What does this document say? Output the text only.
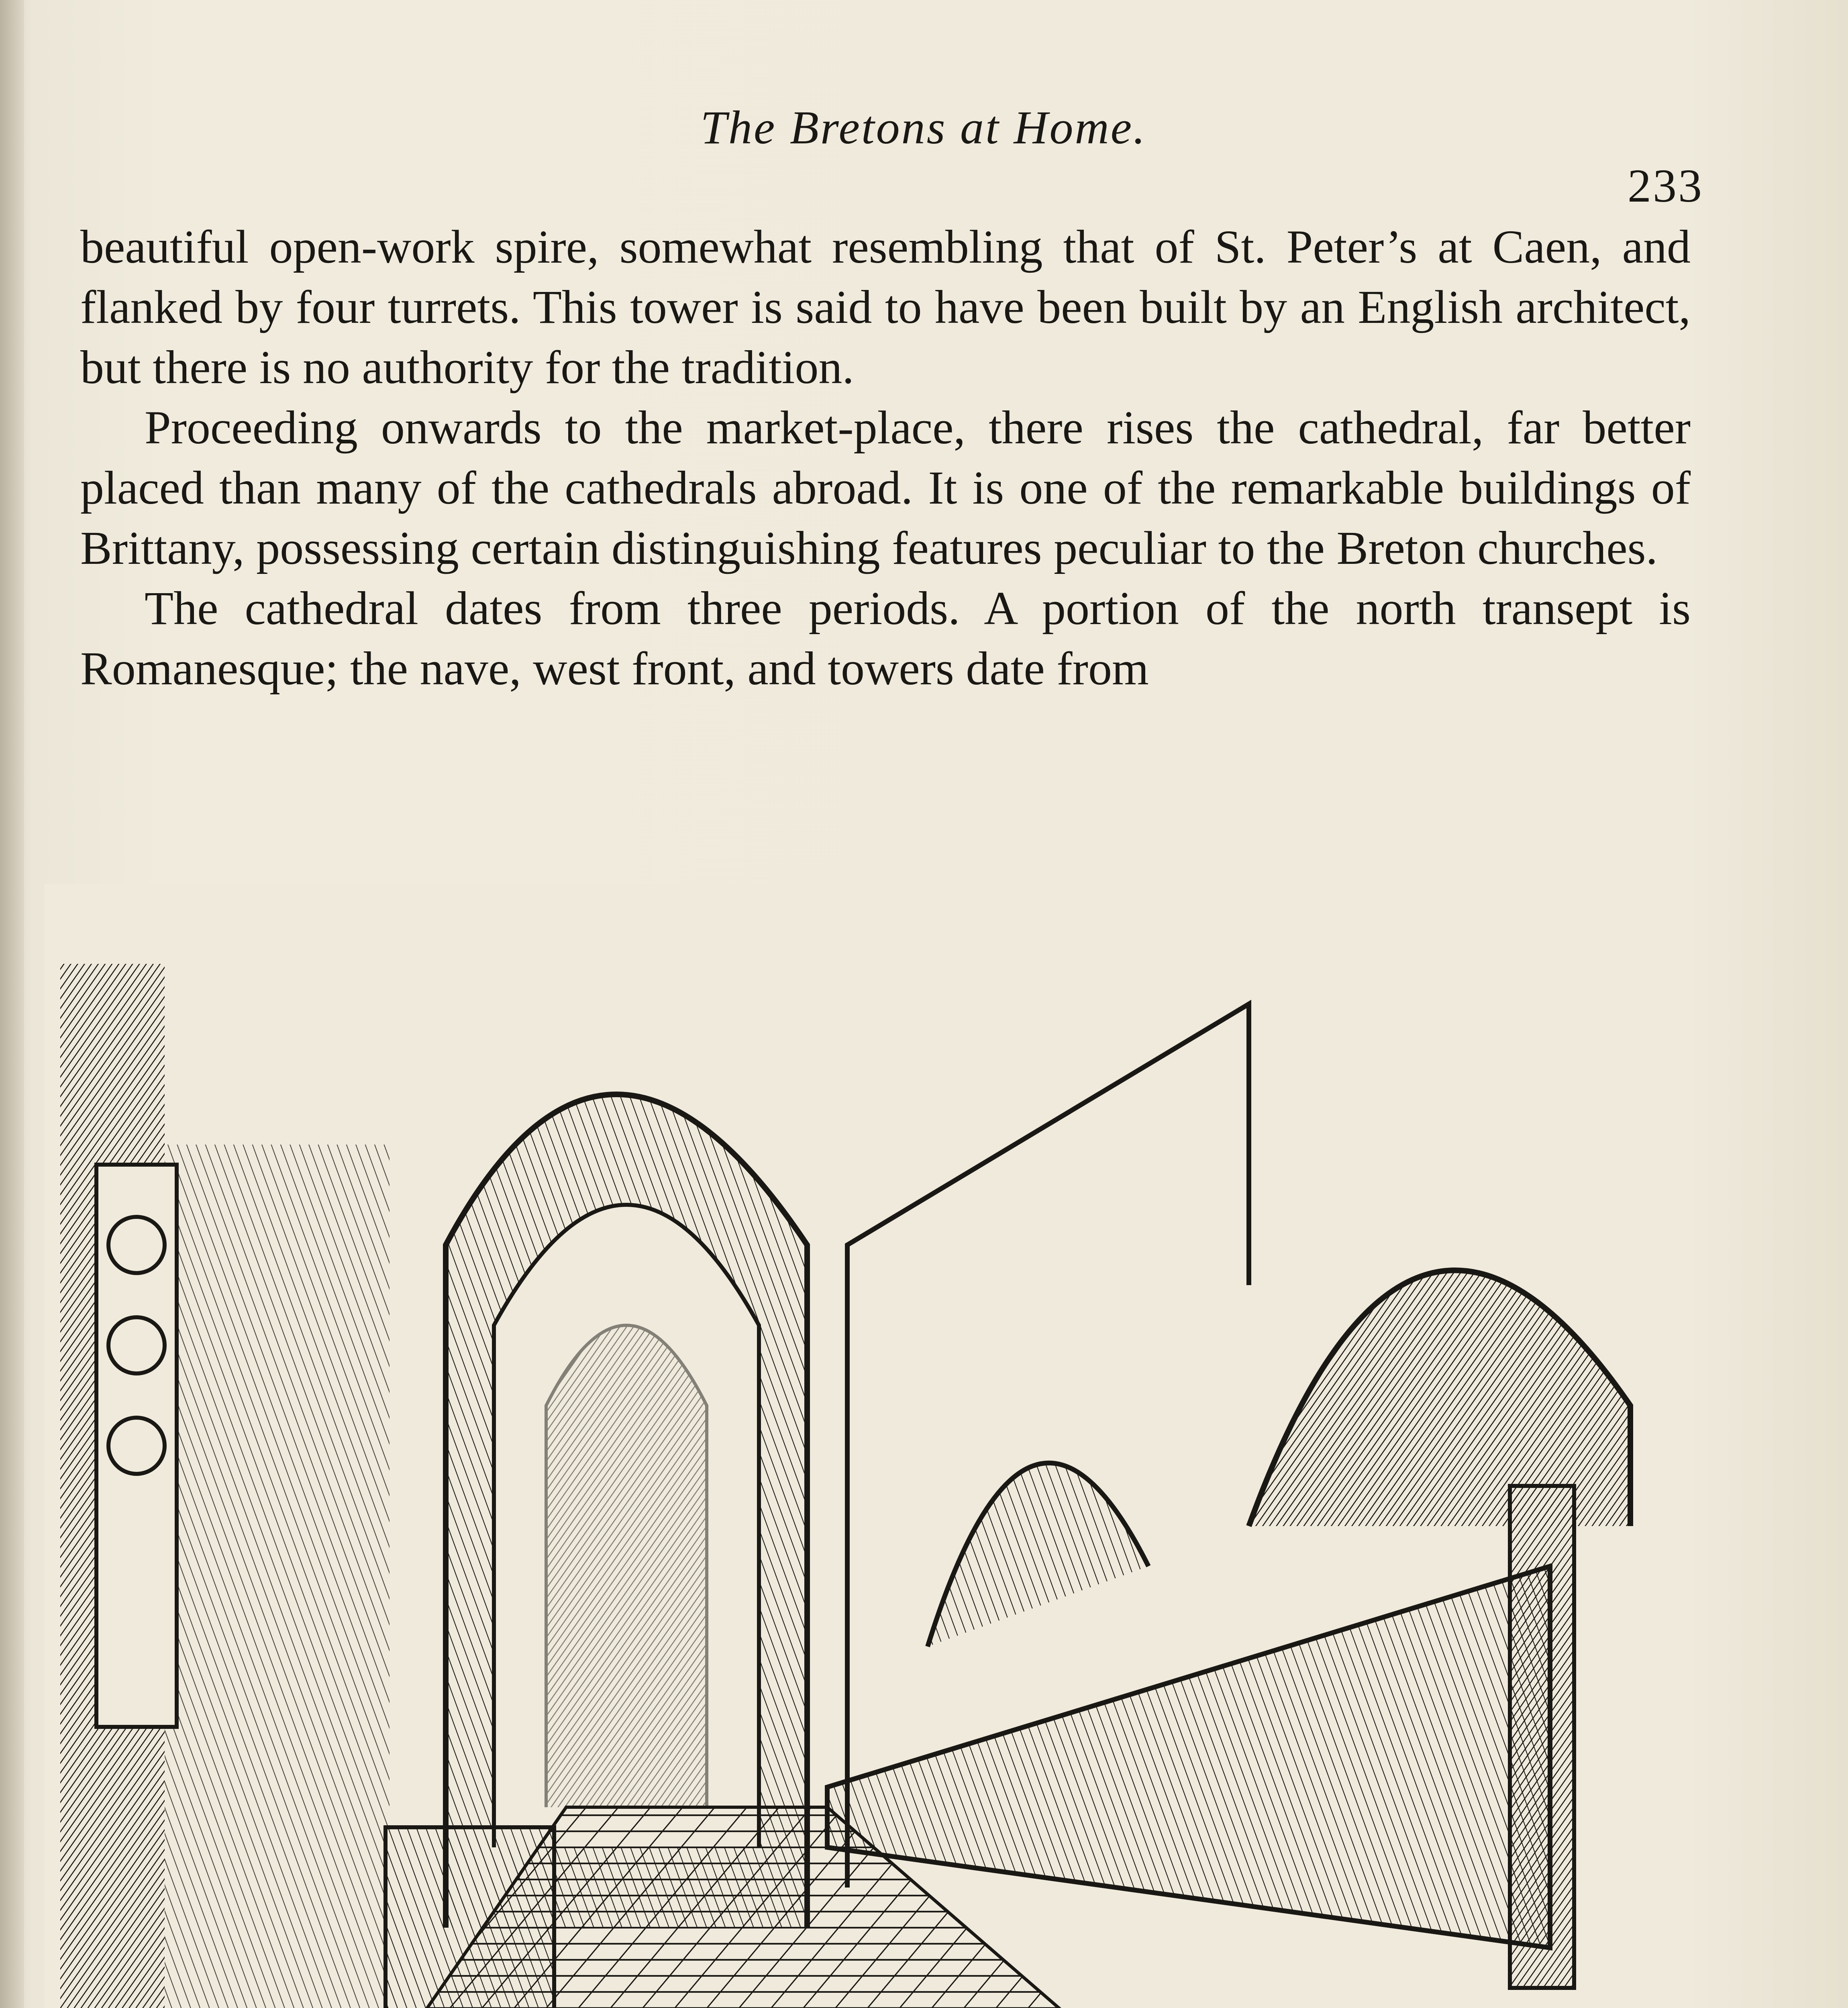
The Bretons at Home.
233

beautiful open-work spire, somewhat resembling that of St. Peter’s at Caen, and flanked by four turrets. This tower is said to have been built by an English architect, but there is no authority for the tradition.

Proceeding onwards to the market-place, there rises the cathedral, far better placed than many of the cathedrals abroad. It is one of the remarkable buildings of Brittany, possessing certain distinguishing features peculiar to the Breton churches.

The cathedral dates from three periods. A portion of the north transept is Romanesque; the nave, west front, and towers date from
